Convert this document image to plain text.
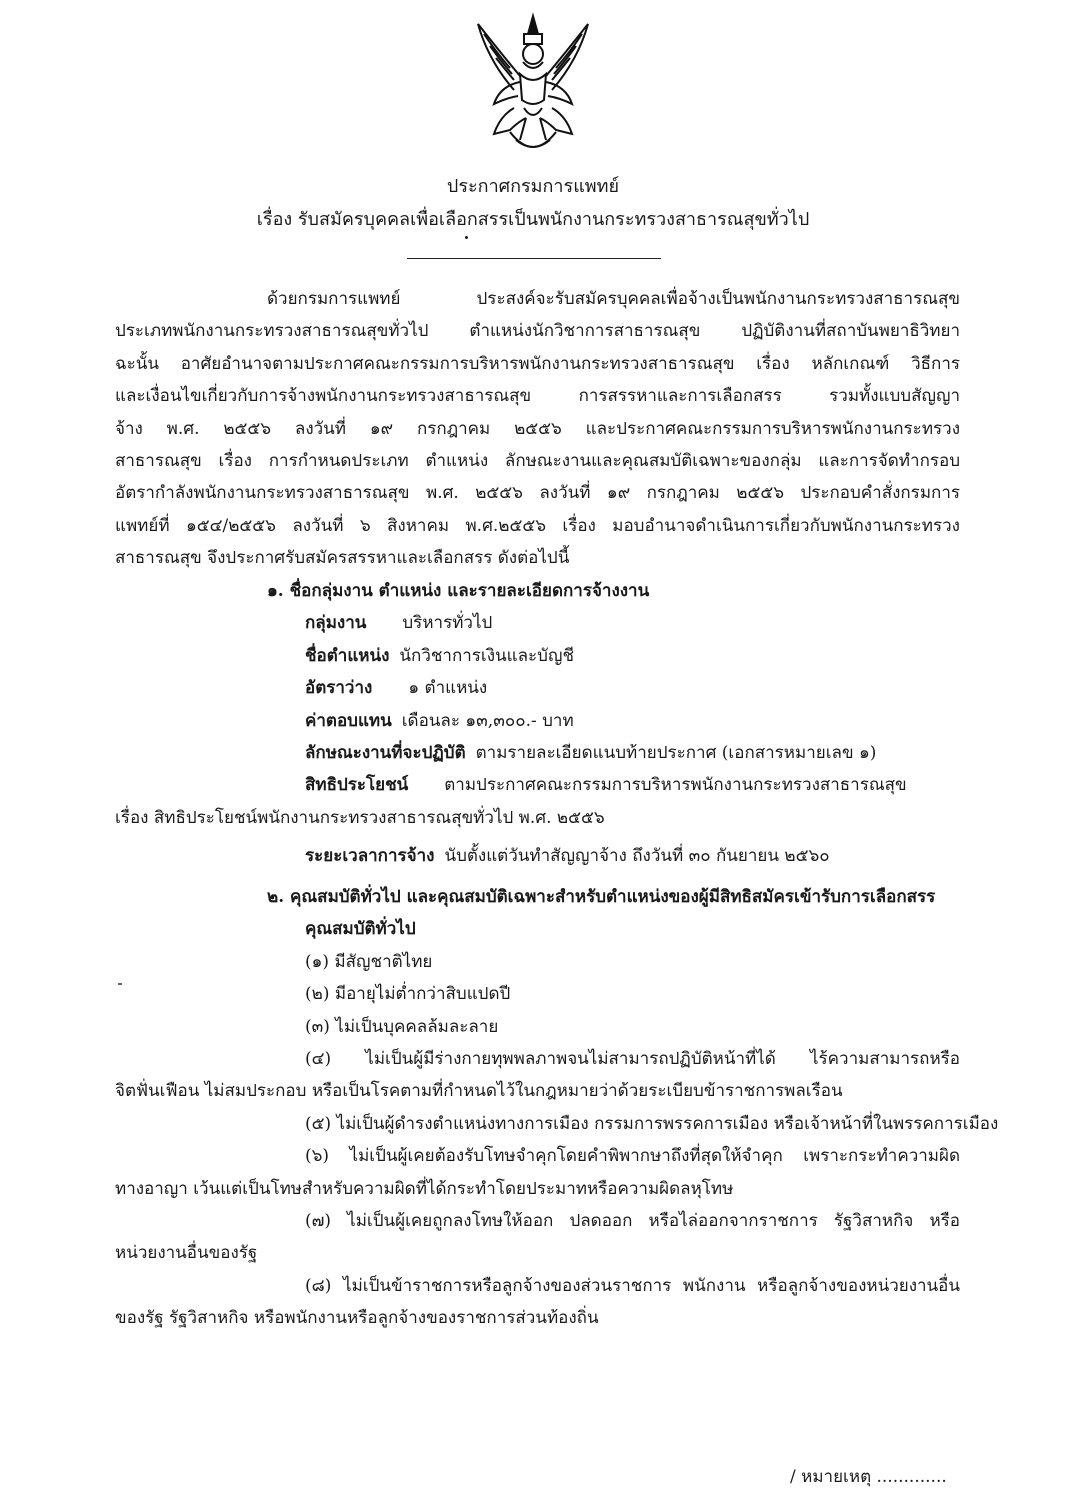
ประกาศกรมการแพทย์

เรื่อง รับสมัครบุคคลเพื่อเลือกสรรเป็นพนักงานกระทรวงสาธารณสุขทั่วไป

ด้วยกรมการแพทย์ ประสงค์จะรับสมัครบุคคลเพื่อจ้างเป็นพนักงานกระทรวงสาธารณสุข

ประเภทพนักงานกระทรวงสาธารณสุขทั่วไป ตำแหน่งนักวิชาการสาธารณสุข ปฏิบัติงานที่สถาบันพยาธิวิทยา

ฉะนั้น อาศัยอำนาจตามประกาศคณะกรรมการบริหารพนักงานกระทรวงสาธารณสุข เรื่อง หลักเกณฑ์ วิธีการ

และเงื่อนไขเกี่ยวกับการจ้างพนักงานกระทรวงสาธารณสุข การสรรหาและการเลือกสรร รวมทั้งแบบสัญญา

จ้าง พ.ศ. ๒๕๕๖ ลงวันที่ ๑๙ กรกฎาคม ๒๕๕๖ และประกาศคณะกรรมการบริหารพนักงานกระทรวง

สาธารณสุข เรื่อง การกำหนดประเภท ตำแหน่ง ลักษณะงานและคุณสมบัติเฉพาะของกลุ่ม และการจัดทำกรอบ

อัตรากำลังพนักงานกระทรวงสาธารณสุข พ.ศ. ๒๕๕๖ ลงวันที่ ๑๙ กรกฎาคม ๒๕๕๖ ประกอบคำสั่งกรมการ

แพทย์ที่ ๑๕๔/๒๕๕๖ ลงวันที่ ๖ สิงหาคม พ.ศ.๒๕๕๖ เรื่อง มอบอำนาจดำเนินการเกี่ยวกับพนักงานกระทรวง

สาธารณสุข จึงประกาศรับสมัครสรรหาและเลือกสรร ดังต่อไปนี้

๑. ชื่อกลุ่มงาน ตำแหน่ง และรายละเอียดการจ้างงาน

กลุ่มงาน บริหารทั่วไป

ชื่อตำแหน่ง นักวิชาการเงินและบัญชี

อัตราว่าง ๑ ตำแหน่ง

ค่าตอบแทน เดือนละ ๑๓,๓๐๐.- บาท

ลักษณะงานที่จะปฏิบัติ ตามรายละเอียดแนบท้ายประกาศ (เอกสารหมายเลข ๑)

สิทธิประโยชน์ ตามประกาศคณะกรรมการบริหารพนักงานกระทรวงสาธารณสุข

เรื่อง สิทธิประโยชน์พนักงานกระทรวงสาธารณสุขทั่วไป พ.ศ. ๒๕๕๖

ระยะเวลาการจ้าง นับตั้งแต่วันทำสัญญาจ้าง ถึงวันที่ ๓๐ กันยายน ๒๕๖๐

๒. คุณสมบัติทั่วไป และคุณสมบัติเฉพาะสำหรับตำแหน่งของผู้มีสิทธิสมัครเข้ารับการเลือกสรร

คุณสมบัติทั่วไป

(๑) มีสัญชาติไทย

(๒) มีอายุไม่ต่ำกว่าสิบแปดปี

(๓) ไม่เป็นบุคคลล้มละลาย

(๔) ไม่เป็นผู้มีร่างกายทุพพลภาพจนไม่สามารถปฏิบัติหน้าที่ได้ ไร้ความสามารถหรือ

จิตฟั่นเฟือน ไม่สมประกอบ หรือเป็นโรคตามที่กำหนดไว้ในกฎหมายว่าด้วยระเบียบข้าราชการพลเรือน

(๕) ไม่เป็นผู้ดำรงตำแหน่งทางการเมือง กรรมการพรรคการเมือง หรือเจ้าหน้าที่ในพรรคการเมือง

(๖) ไม่เป็นผู้เคยต้องรับโทษจำคุกโดยคำพิพากษาถึงที่สุดให้จำคุก เพราะกระทำความผิด

ทางอาญา เว้นแต่เป็นโทษสำหรับความผิดที่ได้กระทำโดยประมาทหรือความผิดลหุโทษ

(๗) ไม่เป็นผู้เคยถูกลงโทษให้ออก ปลดออก หรือไล่ออกจากราชการ รัฐวิสาหกิจ หรือ

หน่วยงานอื่นของรัฐ

(๘) ไม่เป็นข้าราชการหรือลูกจ้างของส่วนราชการ พนักงาน หรือลูกจ้างของหน่วยงานอื่น

ของรัฐ รัฐวิสาหกิจ หรือพนักงานหรือลูกจ้างของราชการส่วนท้องถิ่น

/ หมายเหตุ .............
